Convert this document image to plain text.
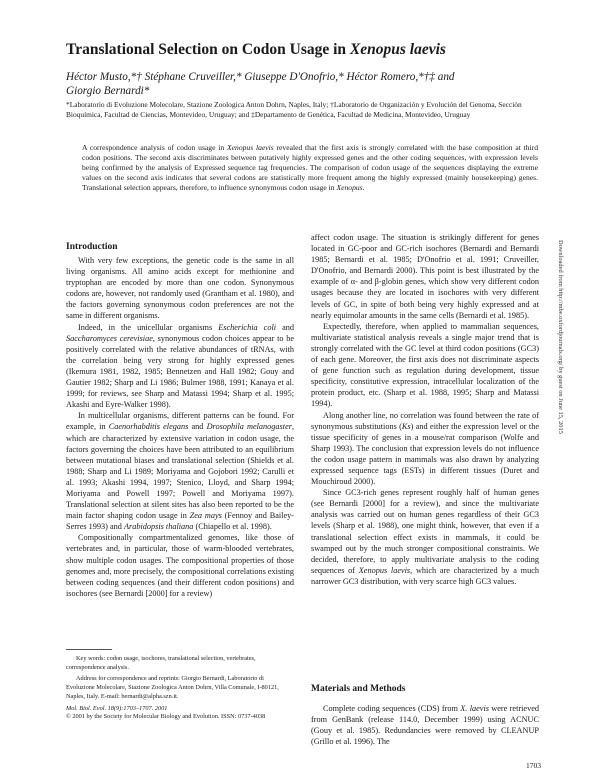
Translational Selection on Codon Usage in Xenopus laevis
Héctor Musto,*† Stéphane Cruveiller,* Giuseppe D'Onofrio,* Héctor Romero,*†‡ and
Giorgio Bernardi*
*Laboratorio di Evoluzione Molecolare, Stazione Zoologica Anton Dohrn, Naples, Italy; †Laboratorio de Organización y Evolución del Genoma, Sección Bioquímica, Facultad de Ciencias, Montevideo, Uruguay; and ‡Departamento de Genética, Facultad de Medicina, Montevideo, Uruguay
A correspondence analysis of codon usage in Xenopus laevis revealed that the first axis is strongly correlated with the base composition at third codon positions. The second axis discriminates between putatively highly expressed genes and the other coding sequences, with expression levels being confirmed by the analysis of Expressed sequence tag frequencies. The comparison of codon usage of the sequences displaying the extreme values on the second axis indicates that several codons are statistically more frequent among the highly expressed (mainly housekeeping) genes. Translational selection appears, therefore, to influence synonymous codon usage in Xenopus.
Introduction

With very few exceptions, the genetic code is the same in all living organisms. All amino acids except for methionine and tryptophan are encoded by more than one codon. Synonymous codons are, however, not randomly used (Grantham et al. 1980), and the factors governing synonymous codon preferences are not the same in different organisms.

Indeed, in the unicellular organisms Escherichia coli and Saccharomyces cerevisiae, synonymous codon choices appear to be positively correlated with the relative abundances of tRNAs, with the correlation being very strong for highly expressed genes (Ikemura 1981, 1982, 1985; Bennetzen and Hall 1982; Gouy and Gautier 1982; Sharp and Li 1986; Bulmer 1988, 1991; Kanaya et al. 1999; for reviews, see Sharp and Matassi 1994; Sharp et al. 1995; Akashi and Eyre-Walker 1998).

In multicellular organisms, different patterns can be found. For example, in Caenorhabditis elegans and Drosophila melanogaster, which are characterized by extensive variation in codon usage, the factors governing the choices have been attributed to an equilibrium between mutational biases and translational selection (Shields et al. 1988; Sharp and Li 1989; Moriyama and Gojobori 1992; Carulli et al. 1993; Akashi 1994, 1997; Stenico, Lloyd, and Sharp 1994; Moriyama and Powell 1997; Powell and Moriyama 1997). Translational selection at silent sites has also been reported to be the main factor shaping codon usage in Zea mays (Fennoy and Bailey-Serres 1993) and Arabidopsis thaliana (Chiapello et al. 1998).

Compositionally compartmentalized genomes, like those of vertebrates and, in particular, those of warm-blooded vertebrates, show multiple codon usages. The compositional properties of those genomes and, more precisely, the compositional correlations existing between coding sequences (and their different codon positions) and isochores (see Bernardi [2000] for a review)

Key words: codon usage, isochores, translational selection, vertebrates, correspondence analysis.

Address for correspondence and reprints: Giorgio Bernardi, Laboratorio di Evoluzione Molecolare, Stazione Zoologica Anton Dohrn, Villa Comunale, I-80121, Naples, Italy. E-mail: bernardi@alpha.szn.it.

Mol. Biol. Evol. 18(9):1703–1707. 2001

© 2001 by the Society for Molecular Biology and Evolution. ISSN: 0737-4038

affect codon usage. The situation is strikingly different for genes located in GC-poor and GC-rich isochores (Bernardi and Bernardi 1985; Bernardi et al. 1985; D'Onofrio et al. 1991; Cruveiller, D'Onofrio, and Bernardi 2000). This point is best illustrated by the example of α- and β-globin genes, which show very different codon usages because they are located in isochores with very different levels of GC, in spite of both being very highly expressed and at nearly equimolar amounts in the same cells (Bernardi et al. 1985).

Expectedly, therefore, when applied to mammalian sequences, multivariate statistical analysis reveals a single major trend that is strongly correlated with the GC level at third codon positions (GC3) of each gene. Moreover, the first axis does not discriminate aspects of gene function such as regulation during development, tissue specificity, constitutive expression, intracellular localization of the protein product, etc. (Sharp et al. 1988, 1995; Sharp and Matassi 1994).

Along another line, no correlation was found between the rate of synonymous substitutions (Ks) and either the expression level or the tissue specificity of genes in a mouse/rat comparison (Wolfe and Sharp 1993). The conclusion that expression levels do not influence the codon usage pattern in mammals was also drawn by analyzing expressed sequence tags (ESTs) in different tissues (Duret and Mouchiroud 2000).

Since GC3-rich genes represent roughly half of human genes (see Bernardi [2000] for a review), and since the multivariate analysis was carried out on human genes regardless of their GC3 levels (Sharp et al. 1988), one might think, however, that even if a translational selection effect exists in mammals, it could be swamped out by the much stronger compositional constraints. We decided, therefore, to apply multivariate analysis to the coding sequences of Xenopus laevis, which are characterized by a much narrower GC3 distribution, with very scarce high GC3 values.

Materials and Methods

Complete coding sequences (CDS) from X. laevis were retrieved from GenBank (release 114.0, December 1999) using ACNUC (Gouy et al. 1985). Redundancies were removed by CLEANUP (Grillo et al. 1996). The

Downloaded from http://mbe.oxfordjournals.org/ by guest on June 15, 2015
1703
